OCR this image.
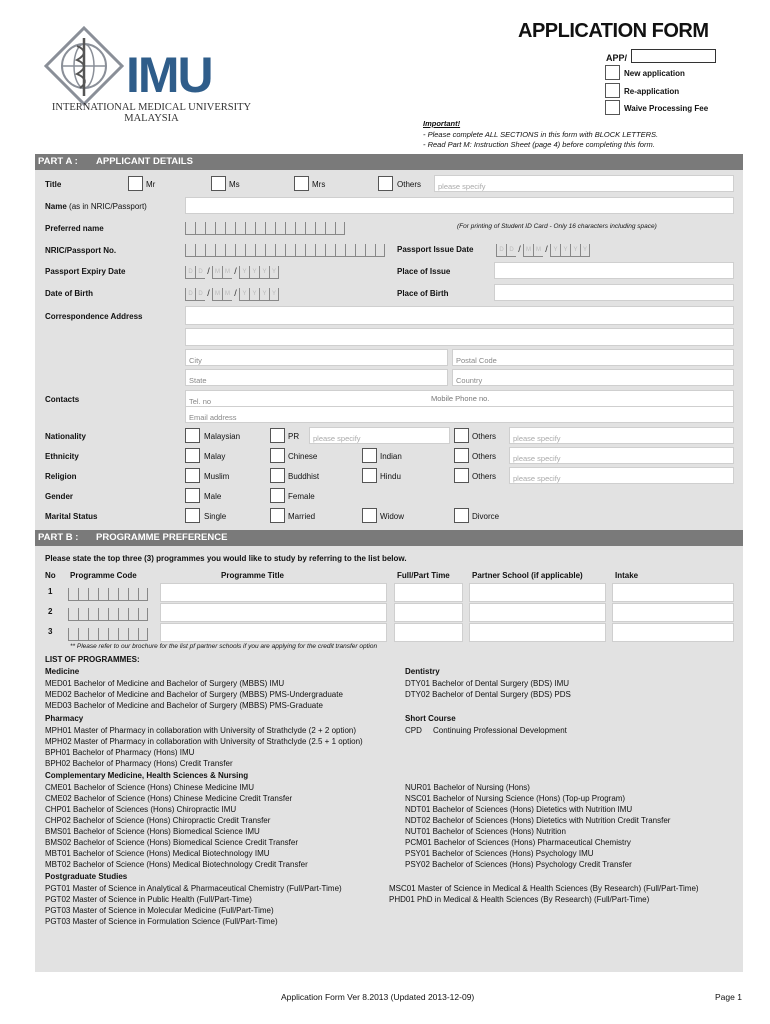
IMU
INTERNATIONAL MEDICAL UNIVERSITY
MALAYSIA
APPLICATION FORM
APP/
New application
Re-application
Waive Processing Fee
Important!
- Please complete ALL SECTIONS in this form with BLOCK LETTERS.
- Read Part M: Instruction Sheet (page 4) before completing this form.
PART A : APPLICANT DETAILS
Title	Mr	Ms	Mrs	Others	please specify
Name (as in NRIC/Passport)
Preferred name	(For printing of Student ID Card - Only 16 characters including space)
NRIC/Passport No.	Passport Issue Date	D D / M M / Y Y Y Y
Passport Expiry Date	D D / M M / Y Y Y Y	Place of Issue
Date of Birth	D D / M M / Y Y Y Y	Place of Birth
Correspondence Address
City	Postal Code
State	Country
Contacts	Tel. no	Mobile Phone no.
Email address
Nationality	Malaysian	PR	please specify	Others	please specify
Ethnicity	Malay	Chinese	Indian	Others	please specify
Religion	Muslim	Buddhist	Hindu	Others	please specify
Gender	Male	Female
Marital Status	Single	Married	Widow	Divorce
PART B : PROGRAMME PREFERENCE
Please state the top three (3) programmes you would like to study by referring to the list below.
No Programme Code	Programme Title	Full/Part Time	Partner School (if applicable)	Intake
1
2
3
** Please refer to our brochure for the list pf partner schools if you are applying for the credit transfer option
LIST OF PROGRAMMES:
Medicine
MED01 Bachelor of Medicine and Bachelor of Surgery (MBBS) IMU
MED02 Bachelor of Medicine and Bachelor of Surgery (MBBS) PMS-Undergraduate
MED03 Bachelor of Medicine and Bachelor of Surgery (MBBS) PMS-Graduate
Dentistry
DTY01 Bachelor of Dental Surgery (BDS) IMU
DTY02 Bachelor of Dental Surgery (BDS) PDS
Pharmacy
MPH01 Master of Pharmacy in collaboration with University of Strathclyde (2 + 2 option)
MPH02 Master of Pharmacy in collaboration with University of Strathclyde (2.5 + 1 option)
BPH01 Bachelor of Pharmacy (Hons) IMU
BPH02 Bachelor of Pharmacy (Hons) Credit Transfer
Short Course
CPD     Continuing Professional Development
Complementary Medicine, Health Sciences & Nursing
CME01 Bachelor of Science (Hons) Chinese Medicine IMU
CME02 Bachelor of Science (Hons) Chinese Medicine Credit Transfer
CHP01 Bachelor of Sciences (Hons) Chiropractic IMU
CHP02 Bachelor of Science (Hons) Chiropractic Credit Transfer
BMS01 Bachelor of Science (Hons) Biomedical Science IMU
BMS02 Bachelor of Science (Hons) Biomedical Science Credit Transfer
MBT01 Bachelor of Science (Hons) Medical Biotechnology IMU
MBT02 Bachelor of Science (Hons) Medical Biotechnology Credit Transfer
NUR01 Bachelor of Nursing (Hons)
NSC01 Bachelor of Nursing Science (Hons) (Top-up Program)
NDT01 Bachelor of Sciences (Hons) Dietetics with Nutrition IMU
NDT02 Bachelor of Sciences (Hons) Dietetics with Nutrition Credit Transfer
NUT01 Bachelor of Sciences (Hons) Nutrition
PCM01 Bachelor of Sciences (Hons) Pharmaceutical Chemistry
PSY01 Bachelor of Sciences (Hons) Psychology IMU
PSY02 Bachelor of Sciences (Hons) Psychology Credit Transfer
Postgraduate Studies
PGT01 Master of Science in Analytical & Pharmaceutical Chemistry (Full/Part-Time)
PGT02 Master of Science in Public Health (Full/Part-Time)
PGT03 Master of Science in Molecular Medicine (Full/Part-Time)
PGT03 Master of Science in Formulation Science (Full/Part-Time)
MSC01 Master of Science in Medical & Health Sciences (By Research) (Full/Part-Time)
PHD01 PhD in Medical & Health Sciences (By Research) (Full/Part-Time)
Application Form Ver 8.2013 (Updated 2013-12-09)	Page 1
